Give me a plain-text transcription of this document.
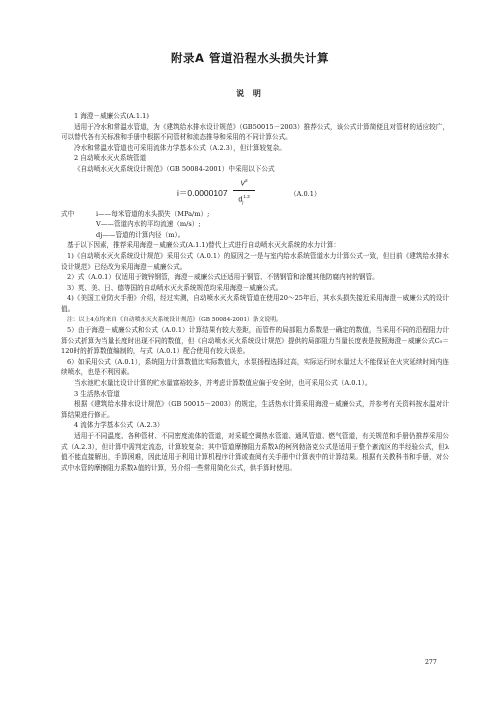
附录A 管道沿程水头损失计算
说 明

1 海澄－威廉公式(A.1.1)

适用于冷水和常温水管道，为《建筑给水排水设计规范》（GB50015－2003）推荐公式，该公式计算简便且对管材的适应较广，可以替代各有关标准和手册中根据不同管材和流态推导和采用的不同计算公式。

冷水和常温水管道也可采用流体力学基本公式（A.2.3），但计算较复杂。

2 自动喷水灭火系统管道

《自动喷水灭火系统设计规范》（GB 50084-2001）中采用以下公式

$i=0.0000107 \frac{V^2}{d_j^{1.3}}$	（A.0.1）
式中	i——每米管道的水头损失（MPa/m）;
V——管道内水的平均流速（m/s）;
dj——管道的计算内径（m）。

基于以下因素，推荐采用海澄－威廉公式(A.1.1)替代上式进行自动喷水灭火系统的水力计算：

1)《自动喷水灭火系统设计规范》采用公式（A.0.1）的原因之一是与室内给水系统管道水力计算公式一致，但目前《建筑给水排水设计规范》已经改为采用海澄－威廉公式。

2）式（A.0.1）仅适用于镀锌钢管，海澄－威廉公式还适用于铜管、不锈钢管和涂覆其他防腐内衬的钢管。

3）英、美、日、德等国的自动喷水灭火系统规范均采用海澄－威廉公式。

4)《美国工业防火手册》介绍，经过实测，自动喷水灭火系统管道在使用20～25年后，其水头损失接近采用海澄－威廉公式的设计值。

注：以上4点均来自《自动喷水灭火系统设计规范》（GB 50084-2001）条文说明。

5）由于海澄－威廉公式和公式（A.0.1）计算结果有较大差距，而管件的局部阻力系数是一确定的数值，当采用不同的沿程阻力计算公式折算为当量长度时出现不同的数值，但《自动喷水灭火系统设计规范》提供的局部阻力当量长度表是按照海澄－威廉公式C₀＝120时的折算数值编制的，与式（A.0.1）配合使用有较大误差。

6）如采用公式（A.0.1），系统阻力计算数值比实际数值大，水泵扬程选择过高，实际运行时水量过大不能保证在火灾延续时间内连续喷水，也是不利因素。

当水池贮水量比设计计算的贮水量富裕较多，并考虑计算数值应偏于安全时，也可采用公式（A.0.1）。

3 生活热水管道

根据《建筑给水排水设计规范》（GB 50015－2003）的规定，生活热水计算采用海澄－威廉公式，并参考有关资料按水温对计算结果进行修正。

4 流体力学基本公式（A.2.3）

适用于不同温度、各种管材、不同密度流体的管道，对采暖空调热水管道、通风管道、燃气管道，有关规范和手册仍推荐采用公式（A.2.3），但计算中需判定流态，计算较复杂；其中管道摩擦阻力系数λ的柯列勃洛克公式是适用于整个紊流区的半经验公式，但λ值不能直接解出，手算困难，因此适用于利用计算机程序计算或查阅有关手册中计算表中的计算结果。根据有关教科书和手册，对公式中水管的摩擦阻力系数λ值的计算，另介绍一些常用简化公式，供手算时使用。

277
